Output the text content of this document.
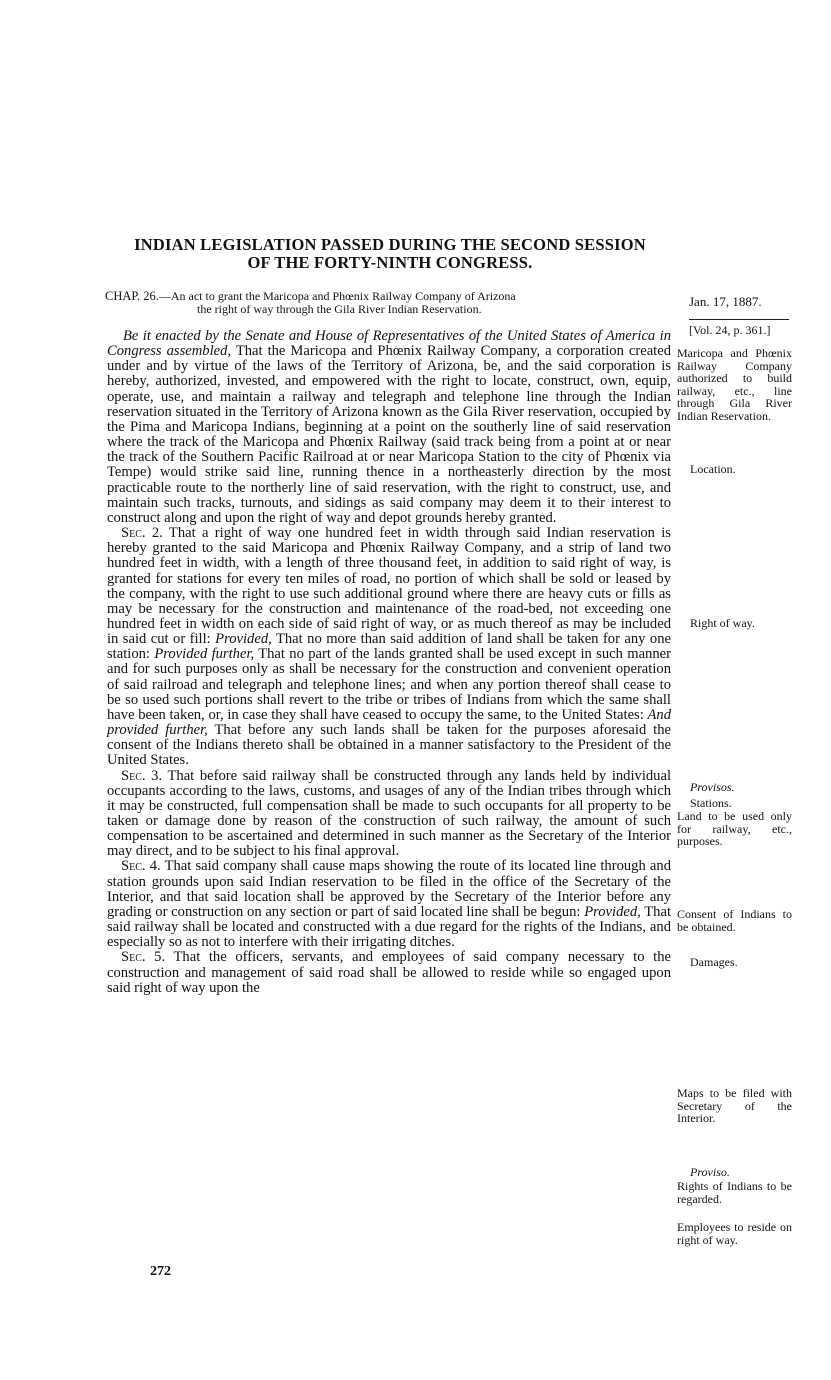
INDIAN LEGISLATION PASSED DURING THE SECOND SESSION
OF THE FORTY-NINTH CONGRESS.
CHAP. 26.—An act to grant the Maricopa and Phœnix Railway Company of Arizona
the right of way through the Gila River Indian Reservation.	Jan. 17, 1887.
[Vol. 24, p. 361.]

Be it enacted by the Senate and House of Representatives of the United States of America in Congress assembled, That the Maricopa and Phœnix Railway Company, a corporation created under and by virtue of the laws of the Territory of Arizona, be, and the said corporation is hereby, authorized, invested, and empowered with the right to locate, construct, own, equip, operate, use, and maintain a railway and telegraph and telephone line through the Indian reservation situated in the Territory of Arizona known as the Gila River reservation, occupied by the Pima and Maricopa Indians, beginning at a point on the southerly line of said reservation where the track of the Maricopa and Phœnix Railway (said track being from a point at or near the track of the Southern Pacific Railroad at or near Maricopa Station to the city of Phœnix via Tempe) would strike said line, running thence in a northeasterly direction by the most practicable route to the northerly line of said reservation, with the right to construct, use, and maintain such tracks, turnouts, and sidings as said company may deem it to their interest to construct along and upon the right of way and depot grounds hereby granted.

Sec. 2. That a right of way one hundred feet in width through said Indian reservation is hereby granted to the said Maricopa and Phœnix Railway Company, and a strip of land two hundred feet in width, with a length of three thousand feet, in addition to said right of way, is granted for stations for every ten miles of road, no portion of which shall be sold or leased by the company, with the right to use such additional ground where there are heavy cuts or fills as may be necessary for the construction and maintenance of the road-bed, not exceeding one hundred feet in width on each side of said right of way, or as much thereof as may be included in said cut or fill: Provided, That no more than said addition of land shall be taken for any one station: Provided further, That no part of the lands granted shall be used except in such manner and for such purposes only as shall be necessary for the construction and convenient operation of said railroad and telegraph and telephone lines; and when any portion thereof shall cease to be so used such portions shall revert to the tribe or tribes of Indians from which the same shall have been taken, or, in case they shall have ceased to occupy the same, to the United States: And provided further, That before any such lands shall be taken for the purposes aforesaid the consent of the Indians thereto shall be obtained in a manner satisfactory to the President of the United States.

Sec. 3. That before said railway shall be constructed through any lands held by individual occupants according to the laws, customs, and usages of any of the Indian tribes through which it may be constructed, full compensation shall be made to such occupants for all property to be taken or damage done by reason of the construction of such railway, the amount of such compensation to be ascertained and determined in such manner as the Secretary of the Interior may direct, and to be subject to his final approval.

Sec. 4. That said company shall cause maps showing the route of its located line through and station grounds upon said Indian reservation to be filed in the office of the Secretary of the Interior, and that said location shall be approved by the Secretary of the Interior before any grading or construction on any section or part of said located line shall be begun: Provided, That said railway shall be located and constructed with a due regard for the rights of the Indians, and especially so as not to interfere with their irrigating ditches.

Sec. 5. That the officers, servants, and employees of said company necessary to the construction and management of said road shall be allowed to reside while so engaged upon said right of way upon the

Maricopa and Phœnix Railway Company authorized to build railway, etc., line through Gila River Indian Reservation.
Location.
Right of way.
Provisos.
Stations.
Land to be used only for railway, etc., purposes.
Consent of Indians to be obtained.
Damages.
Maps to be filed with Secretary of the Interior.
Proviso.
Rights of Indians to be regarded.
Employees to reside on right of way.
272
